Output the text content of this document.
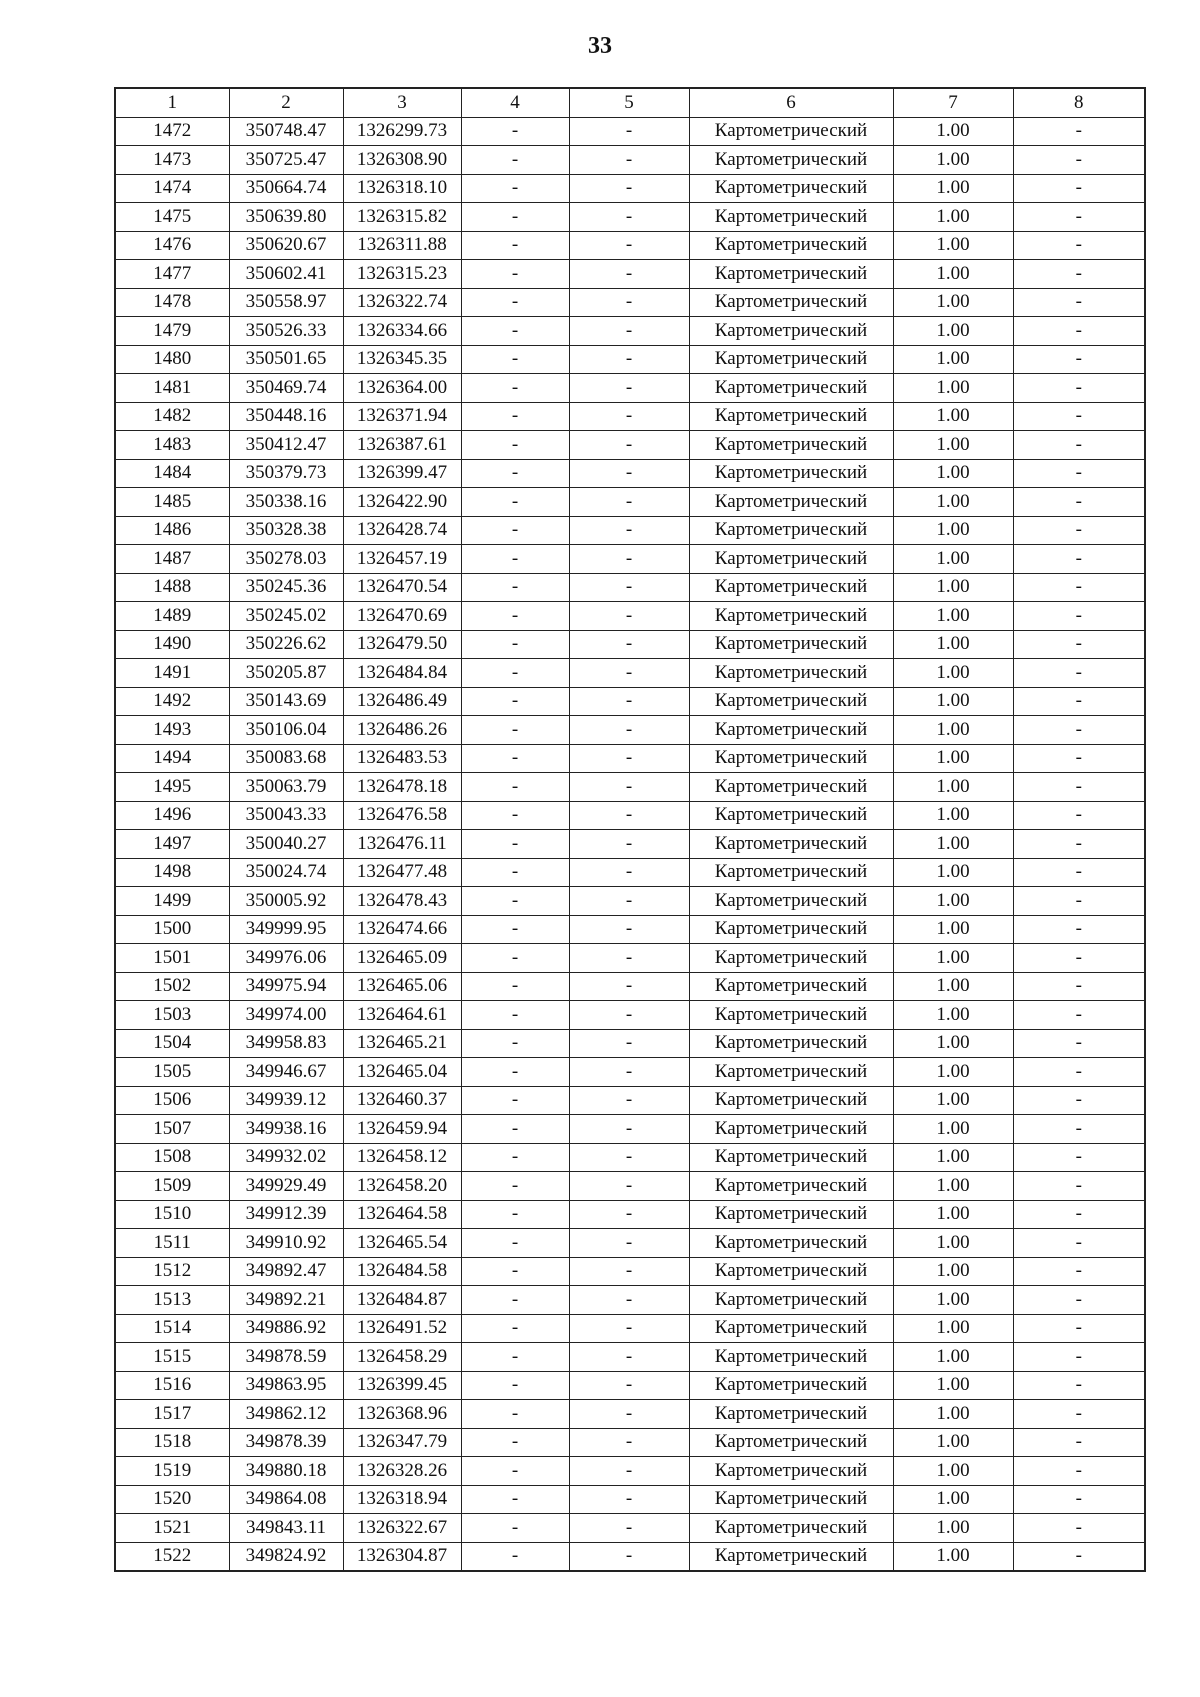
33
1	2	3	4	5	6	7	8
1472	350748.47	1326299.73	-	-	Картометрический	1.00	-
1473	350725.47	1326308.90	-	-	Картометрический	1.00	-
1474	350664.74	1326318.10	-	-	Картометрический	1.00	-
1475	350639.80	1326315.82	-	-	Картометрический	1.00	-
1476	350620.67	1326311.88	-	-	Картометрический	1.00	-
1477	350602.41	1326315.23	-	-	Картометрический	1.00	-
1478	350558.97	1326322.74	-	-	Картометрический	1.00	-
1479	350526.33	1326334.66	-	-	Картометрический	1.00	-
1480	350501.65	1326345.35	-	-	Картометрический	1.00	-
1481	350469.74	1326364.00	-	-	Картометрический	1.00	-
1482	350448.16	1326371.94	-	-	Картометрический	1.00	-
1483	350412.47	1326387.61	-	-	Картометрический	1.00	-
1484	350379.73	1326399.47	-	-	Картометрический	1.00	-
1485	350338.16	1326422.90	-	-	Картометрический	1.00	-
1486	350328.38	1326428.74	-	-	Картометрический	1.00	-
1487	350278.03	1326457.19	-	-	Картометрический	1.00	-
1488	350245.36	1326470.54	-	-	Картометрический	1.00	-
1489	350245.02	1326470.69	-	-	Картометрический	1.00	-
1490	350226.62	1326479.50	-	-	Картометрический	1.00	-
1491	350205.87	1326484.84	-	-	Картометрический	1.00	-
1492	350143.69	1326486.49	-	-	Картометрический	1.00	-
1493	350106.04	1326486.26	-	-	Картометрический	1.00	-
1494	350083.68	1326483.53	-	-	Картометрический	1.00	-
1495	350063.79	1326478.18	-	-	Картометрический	1.00	-
1496	350043.33	1326476.58	-	-	Картометрический	1.00	-
1497	350040.27	1326476.11	-	-	Картометрический	1.00	-
1498	350024.74	1326477.48	-	-	Картометрический	1.00	-
1499	350005.92	1326478.43	-	-	Картометрический	1.00	-
1500	349999.95	1326474.66	-	-	Картометрический	1.00	-
1501	349976.06	1326465.09	-	-	Картометрический	1.00	-
1502	349975.94	1326465.06	-	-	Картометрический	1.00	-
1503	349974.00	1326464.61	-	-	Картометрический	1.00	-
1504	349958.83	1326465.21	-	-	Картометрический	1.00	-
1505	349946.67	1326465.04	-	-	Картометрический	1.00	-
1506	349939.12	1326460.37	-	-	Картометрический	1.00	-
1507	349938.16	1326459.94	-	-	Картометрический	1.00	-
1508	349932.02	1326458.12	-	-	Картометрический	1.00	-
1509	349929.49	1326458.20	-	-	Картометрический	1.00	-
1510	349912.39	1326464.58	-	-	Картометрический	1.00	-
1511	349910.92	1326465.54	-	-	Картометрический	1.00	-
1512	349892.47	1326484.58	-	-	Картометрический	1.00	-
1513	349892.21	1326484.87	-	-	Картометрический	1.00	-
1514	349886.92	1326491.52	-	-	Картометрический	1.00	-
1515	349878.59	1326458.29	-	-	Картометрический	1.00	-
1516	349863.95	1326399.45	-	-	Картометрический	1.00	-
1517	349862.12	1326368.96	-	-	Картометрический	1.00	-
1518	349878.39	1326347.79	-	-	Картометрический	1.00	-
1519	349880.18	1326328.26	-	-	Картометрический	1.00	-
1520	349864.08	1326318.94	-	-	Картометрический	1.00	-
1521	349843.11	1326322.67	-	-	Картометрический	1.00	-
1522	349824.92	1326304.87	-	-	Картометрический	1.00	-
